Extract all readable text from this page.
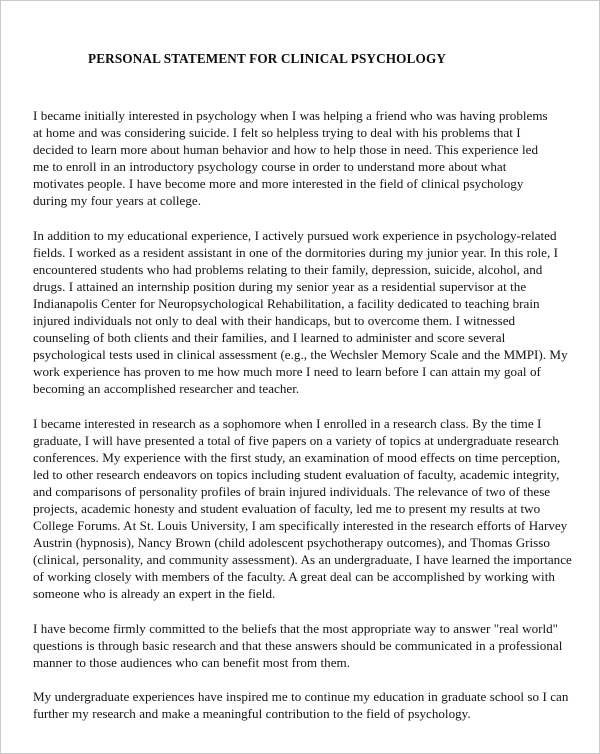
PERSONAL STATEMENT FOR CLINICAL PSYCHOLOGY

I became initially interested in psychology when I was helping a friend who was having problems at home and was considering suicide. I felt so helpless trying to deal with his problems that I decided to learn more about human behavior and how to help those in need. This experience led me to enroll in an introductory psychology course in order to understand more about what motivates people. I have become more and more interested in the field of clinical psychology during my four years at college.

In addition to my educational experience, I actively pursued work experience in psychology-related fields. I worked as a resident assistant in one of the dormitories during my junior year. In this role, I encountered students who had problems relating to their family, depression, suicide, alcohol, and drugs. I attained an internship position during my senior year as a residential supervisor at the Indianapolis Center for Neuropsychological Rehabilitation, a facility dedicated to teaching brain injured individuals not only to deal with their handicaps, but to overcome them. I witnessed counseling of both clients and their families, and I learned to administer and score several psychological tests used in clinical assessment (e.g., the Wechsler Memory Scale and the MMPI). My work experience has proven to me how much more I need to learn before I can attain my goal of becoming an accomplished researcher and teacher.

I became interested in research as a sophomore when I enrolled in a research class. By the time I graduate, I will have presented a total of five papers on a variety of topics at undergraduate research conferences. My experience with the first study, an examination of mood effects on time perception, led to other research endeavors on topics including student evaluation of faculty, academic integrity, and comparisons of personality profiles of brain injured individuals. The relevance of two of these projects, academic honesty and student evaluation of faculty, led me to present my results at two College Forums. At St. Louis University, I am specifically interested in the research efforts of Harvey Austrin (hypnosis), Nancy Brown (child adolescent psychotherapy outcomes), and Thomas Grisso (clinical, personality, and community assessment). As an undergraduate, I have learned the importance of working closely with members of the faculty. A great deal can be accomplished by working with someone who is already an expert in the field.

I have become firmly committed to the beliefs that the most appropriate way to answer "real world" questions is through basic research and that these answers should be communicated in a professional manner to those audiences who can benefit most from them.

My undergraduate experiences have inspired me to continue my education in graduate school so I can further my research and make a meaningful contribution to the field of psychology.
